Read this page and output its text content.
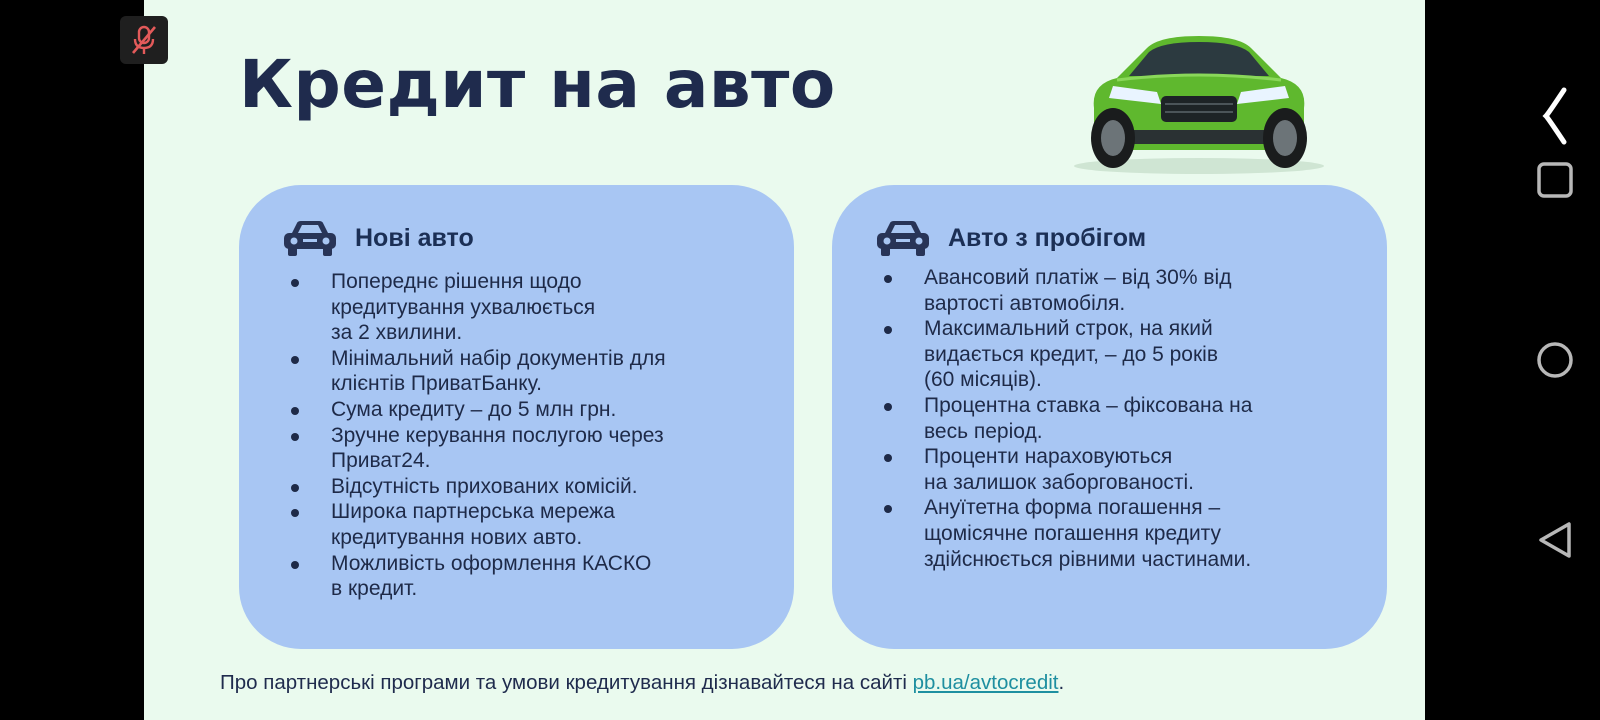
Кредит на авто
Нові авто
Попереднє рішення щодо
кредитування ухвалюється
за 2 хвилини.
Мінімальний набір документів для
клієнтів ПриватБанку.
Сума кредиту – до 5 млн грн.
Зручне керування послугою через
Приват24.
Відсутність прихованих комісій.
Широка партнерська мережа
кредитування нових авто.
Можливість оформлення КАСКО
в кредит.
Авто з пробігом
Авансовий платіж – від 30% від
вартості автомобіля.
Максимальний строк, на який
видається кредит, – до 5 років
(60 місяців).
Процентна ставка – фіксована на
весь період.
Проценти нараховуються
на залишок заборгованості.
Ануїтетна форма погашення –
щомісячне погашення кредиту
здійснюється рівними частинами.

Про партнерські програми та умови кредитування дізнавайтеся на сайті pb.ua/avtocredit.
